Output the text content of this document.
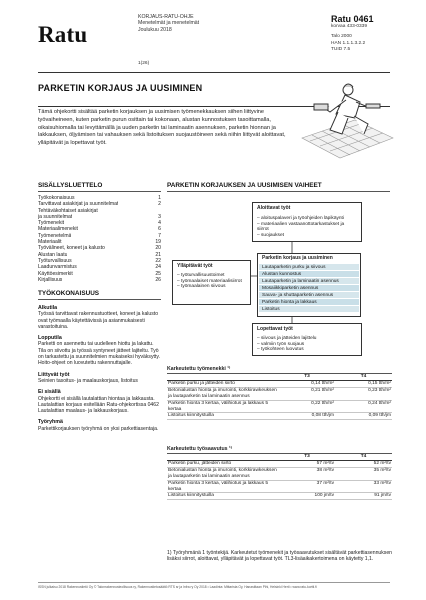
Ratu
KORJAUS-RATU-OHJE
Menetelmät ja menetelmät
Joulukuu 2018
Ratu 0461
korvaa 433-0339
Talo 2000
HAN 1.1.1.3.2.2
TUID 7.5
1(26)
PARKETIN KORJAUS JA UUSIMINEN
Tämä ohjekortti sisältää parketin korjauksen ja uusimisen työmenekkauksen siihen liittyvine työvaiheineen, kuten parketin purun osittain tai kokonaan, alustan kunnostuksen tasoittamalla, oikaisuhiomalla tai levyttämällä ja uuden parketin tai laminaatin asennuksen, parketin hionnan ja lakkauksen, öljyämisen tai vahauksen sekä listoituksen suojaustöineen sekä niihin liittyvät aloittavat, ylläpitävät ja lopettavat työt.
SISÄLLYSLUETTELO
Työkokonaisuus	1
Tarvittavat asiakirjat ja suunnitelmat	2
Tehtäväkohtaiset asiakirjat
ja suunnitelmat	3
Työmenekit	4
Materiaalimenekit	6
Työmenetelmä	7
Materiaalit	19
Työvälineet, koneet ja kalusto	20
Alustan laatu	21
Työturvallisuus	22
Laadunvarmistus	24
Käyttöesimerkit	25
Kirjallisuus	26
TYÖKOKONAISUUS
Alkutila
Työssä tarvittavat rakennustuotteet, koneet ja kalusto ovat työmaalla käytettävissä ja asianmukaisesti varastoituina.
Lopputila
Parketti on asennettu tai uudelleen hiottu ja lakattu. Tila on siivottu ja työssä syntyneet jätteet lajiteltu. Työ on tarkastettu ja suunnitelmien mukaiseksi hyväksytty. Hoito-ohjeet on luovutettu rakennuttajalle.
Liittyvät työt
Seinien tasoitus- ja maalauskorjaus, listoitus
Ei sisällä
Ohjekortti ei sisällä lautalattian hiontaa ja lakkausta. Lautalattian korjaus esitellään Ratu-ohjekortissa 0462 Lautalattian maalaus- ja lakkauskorjaus.
Työryhmä
Parkettikorjauksen työryhmä on yksi parkettiasentaja.
PARKETIN KORJAUKSEN JA UUSIMISEN VAIHEET
Aloittavat työt
– aloituspalaveri ja työohjeiden läpikäynti
– materiaalien vastaanottotarkastukset ja siirrot
– suojaukset
Ylläpitävät työt
– työturvallisuustoimet
– työmaalaiset materiaalisiirrot
– työmaalainen siivous
Parketin korjaus ja uusiminen
Lautaparketin purku ja siivous
Alustan kunnostus
Lautaparketin ja laminaatin asennus
Mosaiikkiparketin asennus
Sauva- ja shuttaparketin asennus
Parketin hionta ja lakkaus
Listoitus
Lopettavat työt
– siivous ja jätteiden lajittelu
– valmiin työn suojaus
– työkohteen luovutus
Karkeutettu työmenekki ¹⁾
	T3	T4
Parketin purku ja jätteiden siirto	0,14 tth/m²	0,15 tth/m²
Betonialustan hionta ja imurointi, korkkirawkeuksen ja lautaparketin tai laminaatin asennus	0,21 tth/m²	0,23 tth/m²
Parketin hionta 3 kertaa, välihiotus ja lakkaus 5 kertaa	0,22 tth/m²	0,24 tth/m²
Listoitus kiinnitystuilla	0,08 tth/jm	0,09 tth/jm
Karkeutettu työsaavutus ¹⁾
	T3	T4
Parketin purku, jätteiden siirto	57 m²/tv	52 m²/tv
Betonialustan hionta ja imurointi, korkkirawkeuksen ja lautaparketin tai laminaatin asennus	38 m²/tv	35 m²/tv
Parketin hionta 3 kertaa, välihiotus ja lakkaus 5 kertaa	37 m²/tv	33 m²/tv
Listoitus kiinnitystuilla	100 jm/tv	91 jm/tv
1) Työryhmänä 1 työntekijä. Karkeutetut työmenekit ja työsaavutukset sisältävät parkettiasennuksen lisäksi siirrot, aloittavat, ylläpitävät ja lopettavat työt. TL3-lisäaikakertoimena on käytetty 1,1.
ISSN julkaisu 2018 Rakennustietö Oy © Talonrakennusteollisuus ry, Rakennustietosäätiö RTS sr ja Infra ry Oy 2018 • Laadinta: Mittarista Oy, Hanastitaan Pihi, Helsinki Herti • www.ratu-kortti.fi
